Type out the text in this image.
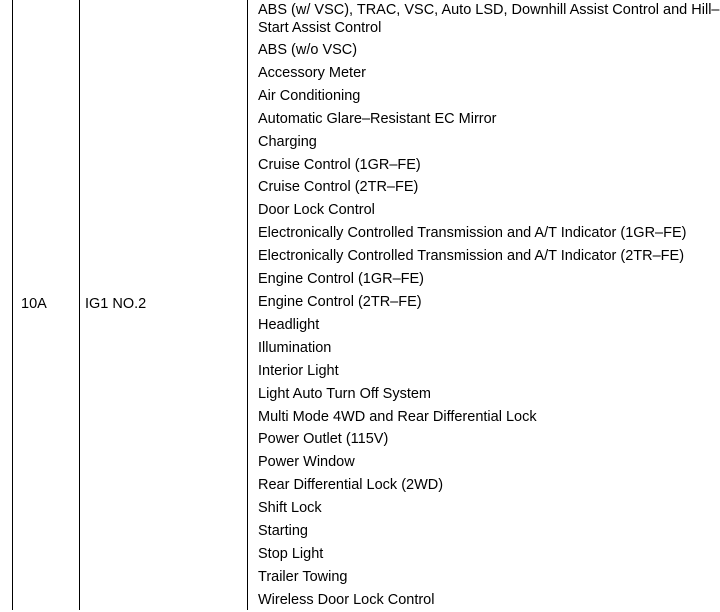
10A	IG1 NO.2
ABS (w/ VSC), TRAC, VSC, Auto LSD, Downhill Assist Control and Hill–Start Assist Control
ABS (w/o VSC)
Accessory Meter
Air Conditioning
Automatic Glare–Resistant EC Mirror
Charging
Cruise Control (1GR–FE)
Cruise Control (2TR–FE)
Door Lock Control
Electronically Controlled Transmission and A/T Indicator (1GR–FE)
Electronically Controlled Transmission and A/T Indicator (2TR–FE)
Engine Control (1GR–FE)
Engine Control (2TR–FE)
Headlight
Illumination
Interior Light
Light Auto Turn Off System
Multi Mode 4WD and Rear Differential Lock
Power Outlet (115V)
Power Window
Rear Differential Lock (2WD)
Shift Lock
Starting
Stop Light
Trailer Towing
Wireless Door Lock Control
